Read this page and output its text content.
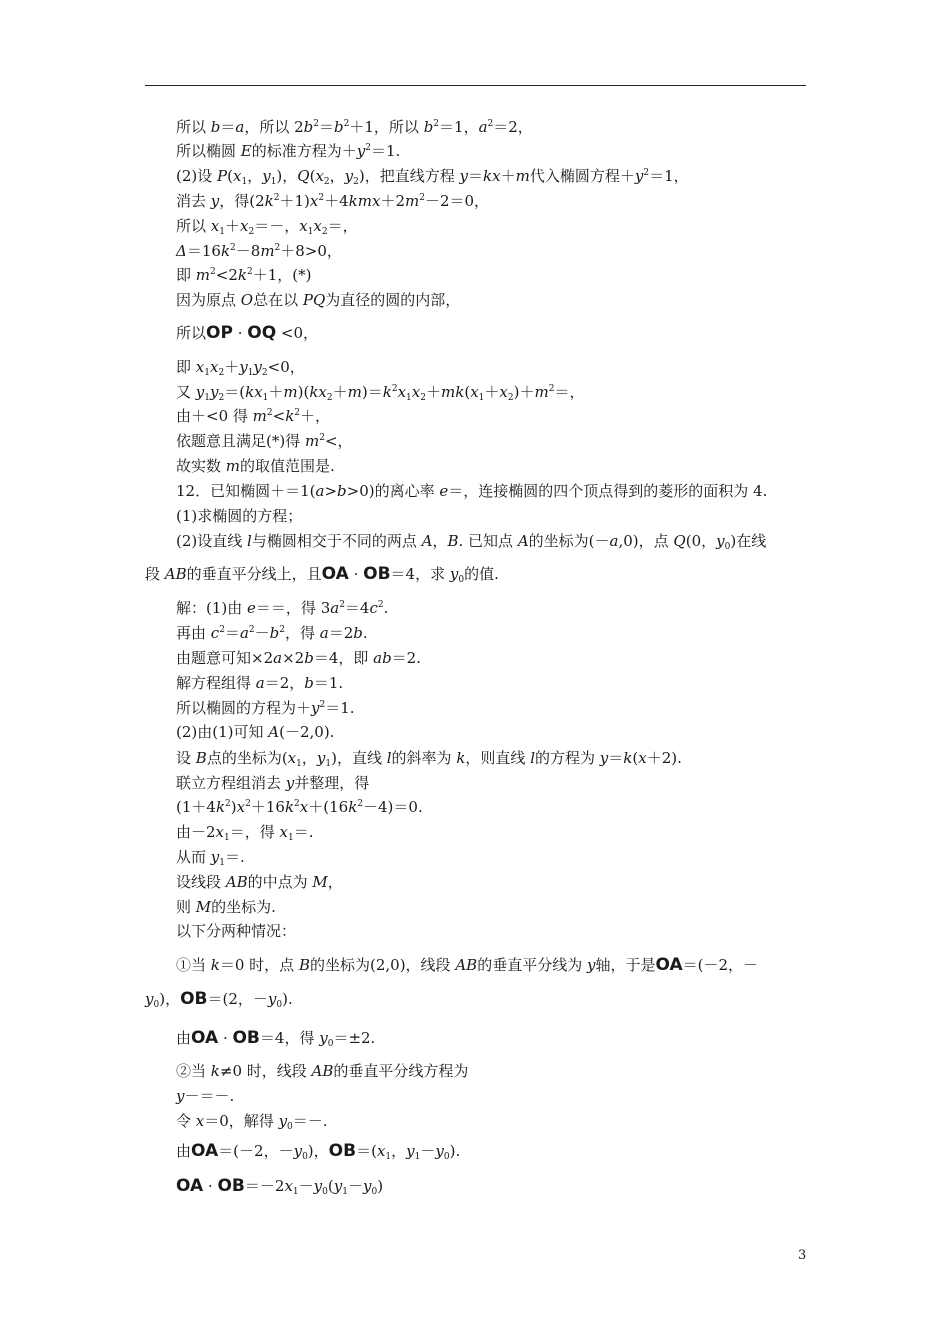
所以 b＝a，所以 $2b^2=b^2+1$，所以 $b^2=1$，$a^2=2$，
所以椭圆 E的标准方程为$+y^2=1$.
(2)设 $P(x_1$，$y_1$)，$Q(x_2$，$y_2$)，把直线方程 y＝kx＋m代入椭圆方程$+y^2=1$，
消去 y，得$(2k^2+1)x^2+4kmx+2m^2-2=0$，
所以 $x_1+x_2=-$，$x_1x_2=$，
$\Delta=16k^2-8m^2+8>0$，
即 $m^2<2k^2+1$，(*)
因为原点 O总在以 PQ为直径的圆的内部，
所以OP · OQ <0，
即 $x_1x_2+y_1y_2<0$，
又 $y_1y_2=(kx_1+m)(kx_2+m)=k^2x_1x_2+mk(x_1+x_2)+m^2=$，
由＋<0 得 $m^2<k^2+$，
依题意且满足(*)得 $m^2<$，
故实数 m的取值范围是.
12．已知椭圆＋＝1(a>b>0)的离心率 e＝，连接椭圆的四个顶点得到的菱形的面积为 4.
(1)求椭圆的方程；
(2)设直线 l与椭圆相交于不同的两点 A，B. 已知点 A的坐标为(－a,0)，点 Q(0，$y_0$)在线
段 AB的垂直平分线上，且OA · OB＝4，求 $y_0$的值.
解：(1)由 e＝＝，得 $3a^2=4c^2$.
再由 $c^2=a^2-b^2$，得 a＝2b.
由题意可知×2a×2b＝4，即 ab＝2.
解方程组得 a＝2，b＝1.
所以椭圆的方程为$+y^2=1$.
(2)由(1)可知 A(－2,0).
设 B点的坐标为($x_1$，$y_1$)，直线 l的斜率为 k，则直线 l的方程为 y＝k(x＋2).
联立方程组消去 y并整理，得
$(1+4k^2)x^2+16k^2x+(16k^2-4)=0$.
由$-2x_1=$，得 $x_1=$.
从而 $y_1=$.
设线段 AB的中点为 M，
则 M的坐标为.
以下分两种情况：
①当 k＝0 时，点 B的坐标为(2,0)，线段 AB的垂直平分线为 y轴，于是OA＝(－2，－
$y_0$)，OB＝(2，$-y_0$).
由OA · OB＝4，得 $y_0=\pm 2$.
②当 k≠0 时，线段 AB的垂直平分线方程为
y－＝－.
令 x＝0，解得 $y_0=-$.
由OA＝(－2，$-y_0$)，$OB=(x_1$，$y_1-y_0$).
OA · $OB=-2x_1-y_0(y_1-y_0)$
3
